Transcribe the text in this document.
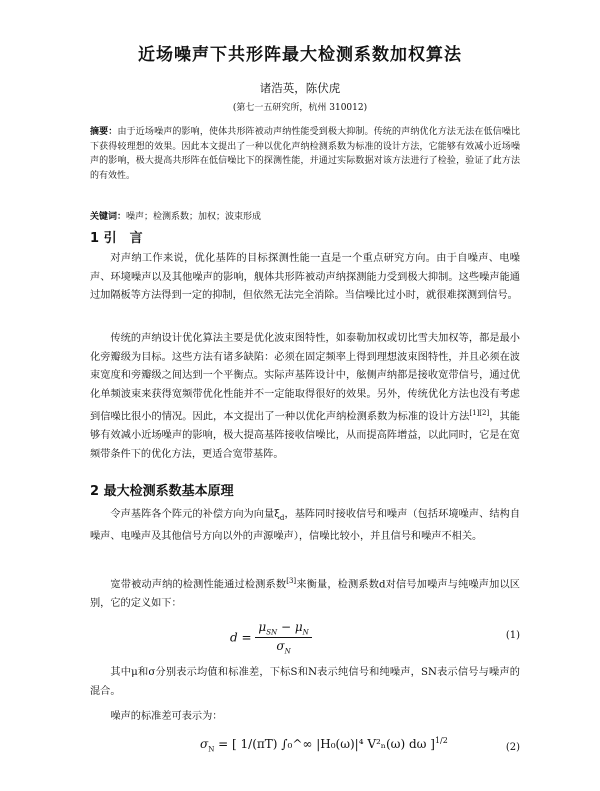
近场噪声下共形阵最大检测系数加权算法
诸浩英，陈伏虎
(第七一五研究所，杭州 310012)
摘要：由于近场噪声的影响，使体共形阵被动声纳性能受到极大抑制。传统的声纳优化方法无法在低信噪比下获得较理想的效果。因此本文提出了一种以优化声纳检测系数为标准的设计方法，它能够有效减小近场噪声的影响，极大提高共形阵在低信噪比下的探测性能，并通过实际数据对该方法进行了检验，验证了此方法的有效性。
关键词：噪声；检测系数；加权；波束形成
1 引　言
对声纳工作来说，优化基阵的目标探测性能一直是一个重点研究方向。由于自噪声、电噪声、环境噪声以及其他噪声的影响，舰体共形阵被动声纳探测能力受到极大抑制。这些噪声能通过加隔板等方法得到一定的抑制，但依然无法完全消除。当信噪比过小时，就很难探测到信号。
传统的声纳设计优化算法主要是优化波束图特性，如泰勒加权或切比雪夫加权等，都是最小化旁瓣级为目标。这些方法有诸多缺陷：必须在固定频率上得到理想波束图特性，并且必须在波束宽度和旁瓣级之间达到一个平衡点。实际声基阵设计中，舷侧声纳都是接收宽带信号，通过优化单频波束来获得宽频带优化性能并不一定能取得很好的效果。另外，传统优化方法也没有考虑到信噪比很小的情况。因此，本文提出了一种以优化声纳检测系数为标准的设计方法[1][2]，其能够有效减小近场噪声的影响，极大提高基阵接收信噪比，从而提高阵增益，以此同时，它是在宽频带条件下的优化方法，更适合宽带基阵。
2 最大检测系数基本原理
令声基阵各个阵元的补偿方向为向量$\xi_d$，基阵同时接收信号和噪声（包括环境噪声、结构自噪声、电噪声及其他信号方向以外的声源噪声），信噪比较小，并且信号和噪声不相关。
宽带被动声纳的检测性能通过检测系数[3]来衡量，检测系数d对信号加噪声与纯噪声加以区别，它的定义如下：
$d = \frac{\mu_{SN} - \mu_N}{\sigma_N}$	(1)
其中μ和σ分别表示均值和标准差，下标S和N表示纯信号和纯噪声，SN表示信号与噪声的混合。
噪声的标准差可表示为：
$\sigma_N$ = [ 1/(πT) ∫₀^∞ |H₀(ω)|⁴ V²ₙ(ω) dω ]$^{1/2}$
(2)
